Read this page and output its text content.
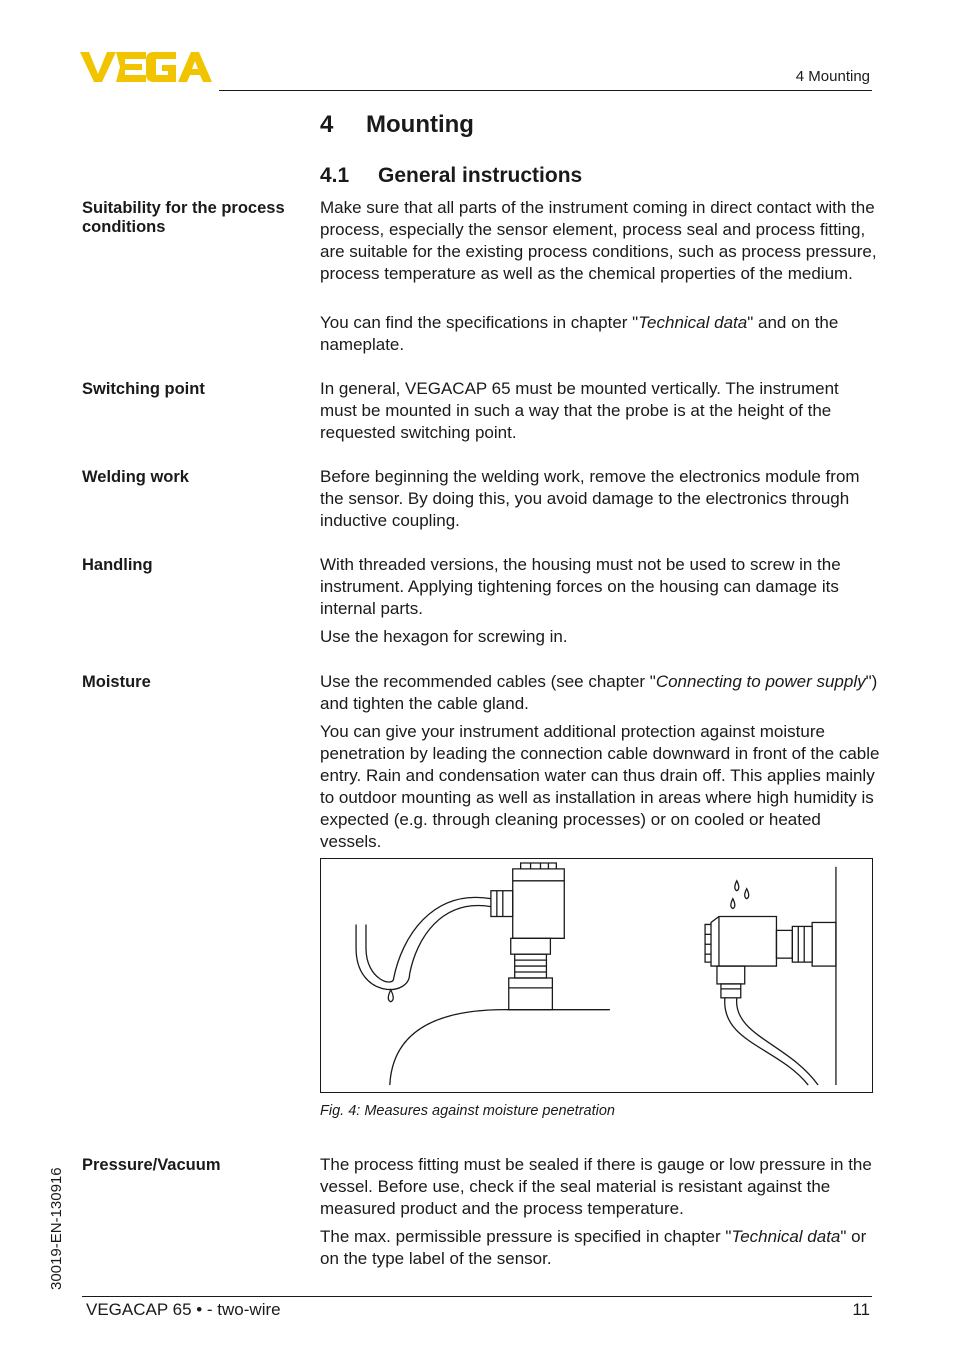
4 Mounting
4 Mounting
4.1 General instructions
Suitability for the process conditions

Make sure that all parts of the instrument coming in direct contact with the process, especially the sensor element, process seal and process fitting, are suitable for the existing process conditions, such as process pressure, process temperature as well as the chemical properties of the medium.

You can find the specifications in chapter "Technical data" and on the nameplate.

Switching point	In general, VEGACAP 65 must be mounted vertically. The instrument must be mounted in such a way that the probe is at the height of the requested switching point.

Welding work	Before beginning the welding work, remove the electronics module from the sensor. By doing this, you avoid damage to the electronics through inductive coupling.

Handling	With threaded versions, the housing must not be used to screw in the instrument. Applying tightening forces on the housing can damage its internal parts.

Use the hexagon for screwing in.

Moisture	Use the recommended cables (see chapter "Connecting to power supply") and tighten the cable gland.

You can give your instrument additional protection against moisture penetration by leading the connection cable downward in front of the cable entry. Rain and condensation water can thus drain off. This applies mainly to outdoor mounting as well as installation in areas where high humidity is expected (e.g. through cleaning processes) or on cooled or heated vessels.

Fig. 4: Measures against moisture penetration
Pressure/Vacuum	The process fitting must be sealed if there is gauge or low pressure in the vessel. Before use, check if the seal material is resistant against the measured product and the process temperature.

The max. permissible pressure is specified in chapter "Technical data" or on the type label of the sensor.

30019-EN-130916
VEGACAP 65 • - two-wire	11
